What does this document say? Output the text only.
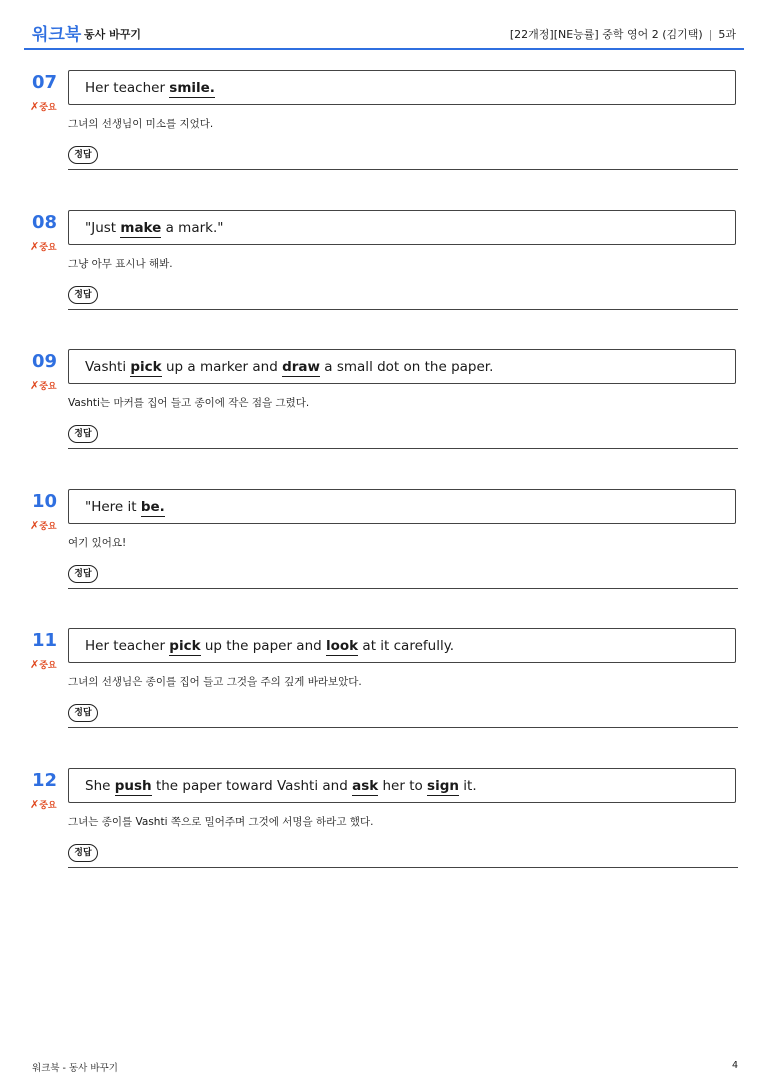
워크북 동사 바꾸기	[22개정][NE능률] 중학 영어 2 (김기택) | 5과
07
✗중요
Her teacher smile.
그녀의 선생님이 미소를 지었다.
정답
08
✗중요
"Just make a mark."
그냥 아무 표시나 해봐.
정답
09
✗중요
Vashti pick up a marker and draw a small dot on the paper.
Vashti는 마커를 집어 들고 종이에 작은 점을 그렸다.
정답
10
✗중요
"Here it be.
여기 있어요!
정답
11
✗중요
Her teacher pick up the paper and look at it carefully.
그녀의 선생님은 종이를 집어 들고 그것을 주의 깊게 바라보았다.
정답
12
✗중요
She push the paper toward Vashti and ask her to sign it.
그녀는 종이를 Vashti 쪽으로 밀어주며 그것에 서명을 하라고 했다.
정답
워크북 - 동사 바꾸기	4
